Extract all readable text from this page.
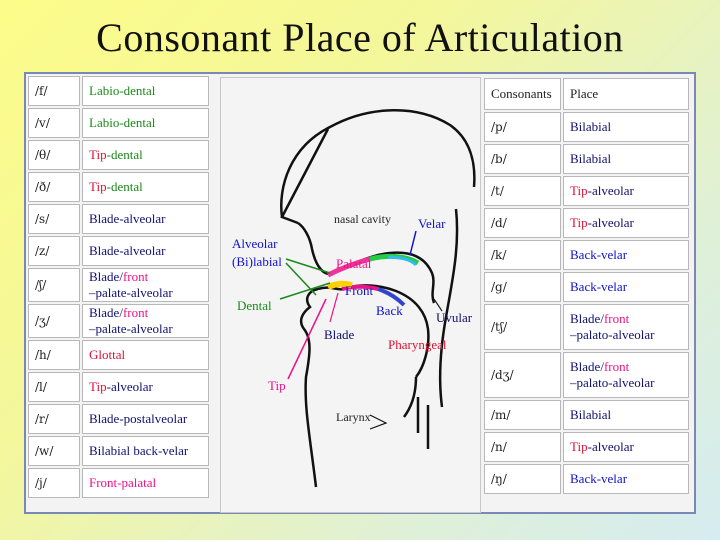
Consonant Place of Articulation
/f/	Labio-dental
/v/	Labio-dental
/θ/	Tip-dental
/ð/	Tip-dental
/s/	Blade-alveolar
/z/	Blade-alveolar
/ʃ/	Blade/front
–palate-alveolar
/ʒ/	Blade/front
–palate-alveolar
/h/	Glottal
/l/	Tip-alveolar
/r/	Blade-postalveolar
/w/	Bilabial back-velar
/j/	Front-palatal
nasal cavity Velar
Alveolar
(Bi)labial	Palatal
Front
Dental	Back	Uvular
Blade
Pharyngeal
Tip
Larynx
Consonants	Place
/p/	Bilabial
/b/	Bilabial
/t/	Tip-alveolar
/d/	Tip-alveolar
/k/	Back-velar
/g/	Back-velar
/tʃ/	Blade/front
–palato-alveolar
/dʒ/	Blade/front
–palato-alveolar
/m/	Bilabial
/n/	Tip-alveolar
/ŋ/	Back-velar
